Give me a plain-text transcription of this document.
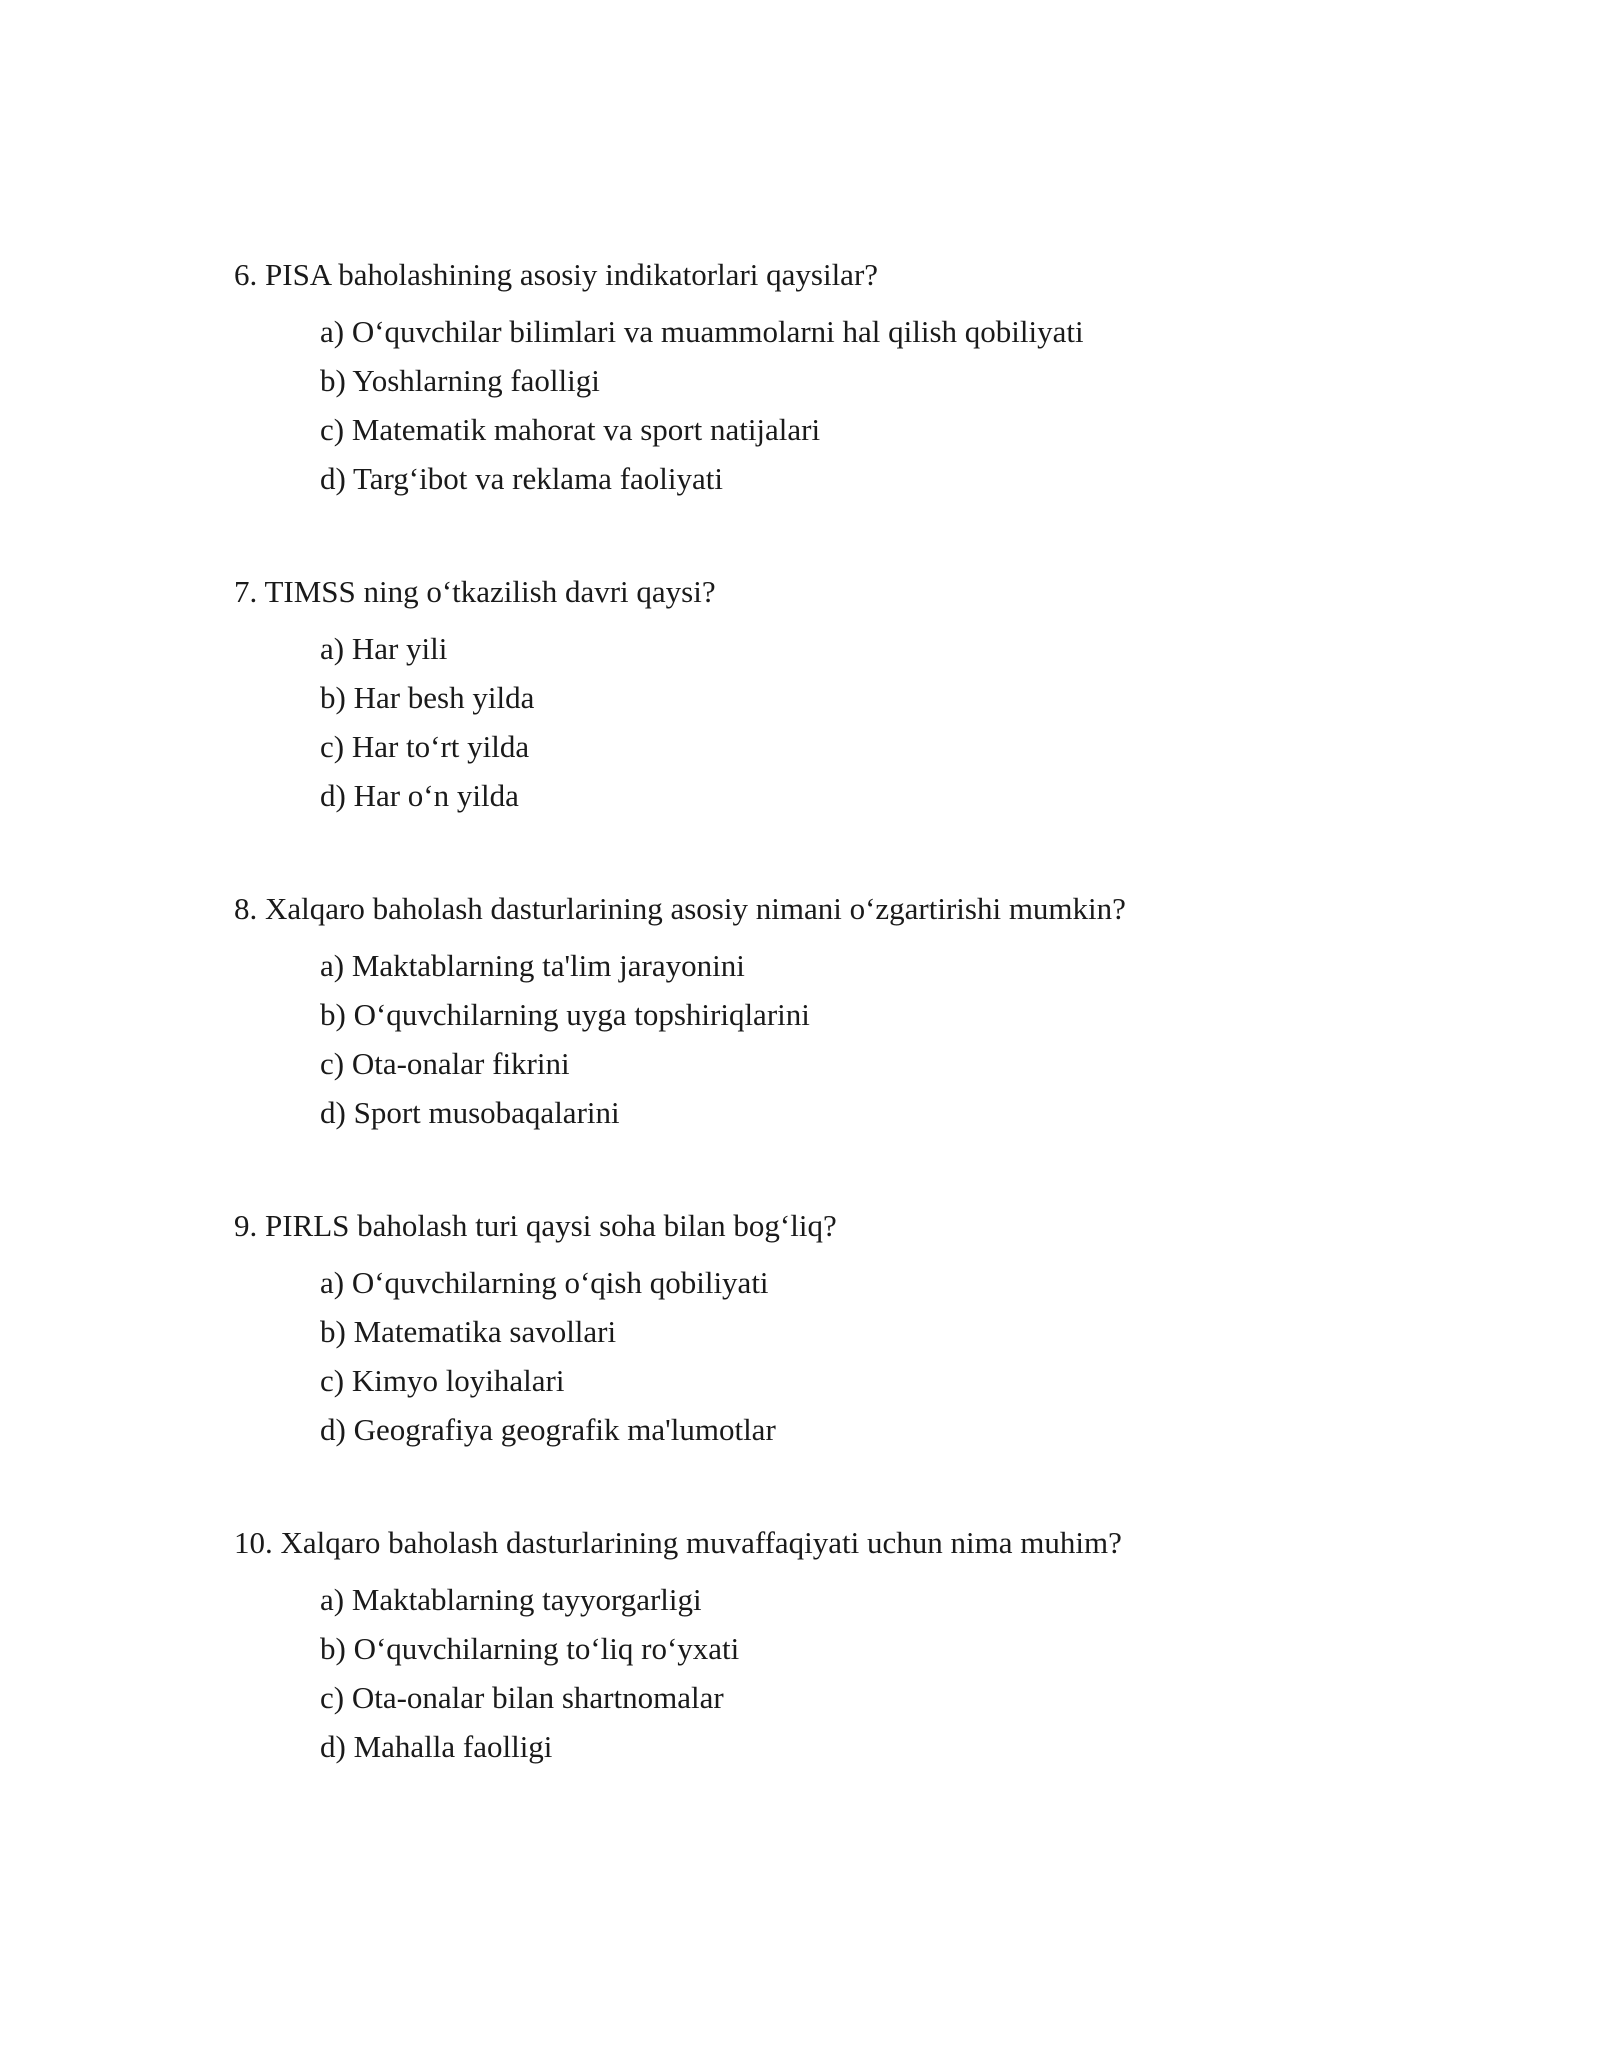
6. PISA baholashining asosiy indikatorlari qaysilar?
a) O‘quvchilar bilimlari va muammolarni hal qilish qobiliyati
b) Yoshlarning faolligi
c) Matematik mahorat va sport natijalari
d) Targ‘ibot va reklama faoliyati
7. TIMSS ning o‘tkazilish davri qaysi?
a) Har yili
b) Har besh yilda
c) Har to‘rt yilda
d) Har o‘n yilda
8. Xalqaro baholash dasturlarining asosiy nimani o‘zgartirishi mumkin?
a) Maktablarning ta'lim jarayonini
b) O‘quvchilarning uyga topshiriqlarini
c) Ota-onalar fikrini
d) Sport musobaqalarini
9. PIRLS baholash turi qaysi soha bilan bog‘liq?
a) O‘quvchilarning o‘qish qobiliyati
b) Matematika savollari
c) Kimyo loyihalari
d) Geografiya geografik ma'lumotlar
10. Xalqaro baholash dasturlarining muvaffaqiyati uchun nima muhim?
a) Maktablarning tayyorgarligi
b) O‘quvchilarning to‘liq ro‘yxati
c) Ota-onalar bilan shartnomalar
d) Mahalla faolligi
